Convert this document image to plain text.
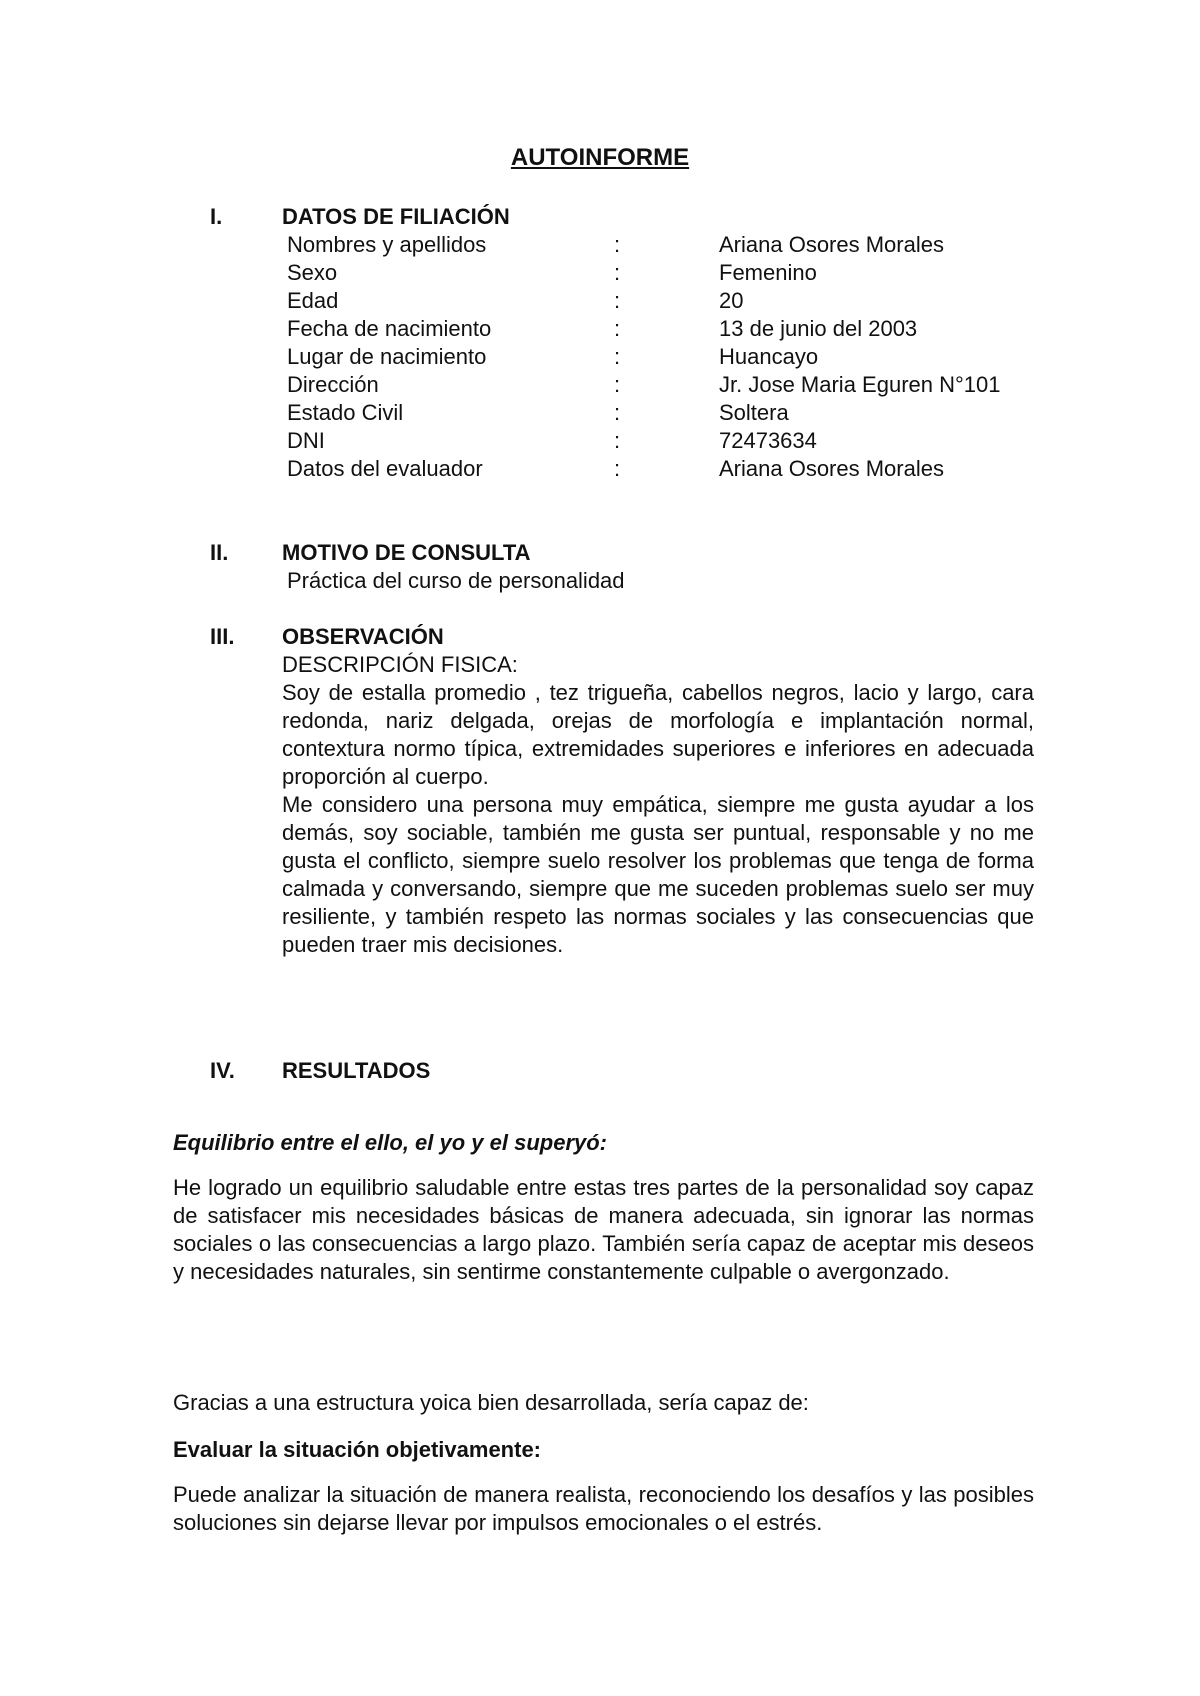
AUTOINFORME
I.	DATOS DE FILIACIÓN
Nombres y apellidos	:	Ariana Osores Morales
Sexo	:	Femenino
Edad	:	20
Fecha de nacimiento	:	13 de junio del 2003
Lugar de nacimiento	:	Huancayo
Dirección	:	Jr. Jose Maria Eguren N°101
Estado Civil	:	Soltera
DNI	:	72473634
Datos del evaluador	:	Ariana Osores Morales
II. MOTIVO DE CONSULTA
Práctica del curso de personalidad
III. OBSERVACIÓN
DESCRIPCIÓN FISICA:
Soy de estalla promedio , tez trigueña, cabellos negros, lacio y largo, cara redonda, nariz delgada, orejas de morfología e implantación normal, contextura normo típica, extremidades superiores e inferiores en adecuada proporción al cuerpo.
Me considero una persona muy empática, siempre me gusta ayudar a los demás, soy sociable, también me gusta ser puntual, responsable y no me gusta el conflicto, siempre suelo resolver los problemas que tenga de forma calmada y conversando, siempre que me suceden problemas suelo ser muy resiliente, y también respeto las normas sociales y las consecuencias que pueden traer mis decisiones.
IV. RESULTADOS
Equilibrio entre el ello, el yo y el superyó:
He logrado un equilibrio saludable entre estas tres partes de la personalidad soy capaz de satisfacer mis necesidades básicas de manera adecuada, sin ignorar las normas sociales o las consecuencias a largo plazo. También sería capaz de aceptar mis deseos y necesidades naturales, sin sentirme constantemente culpable o avergonzado.
Gracias a una estructura yoica bien desarrollada, sería capaz de:
Evaluar la situación objetivamente:
Puede analizar la situación de manera realista, reconociendo los desafíos y las posibles soluciones sin dejarse llevar por impulsos emocionales o el estrés.
